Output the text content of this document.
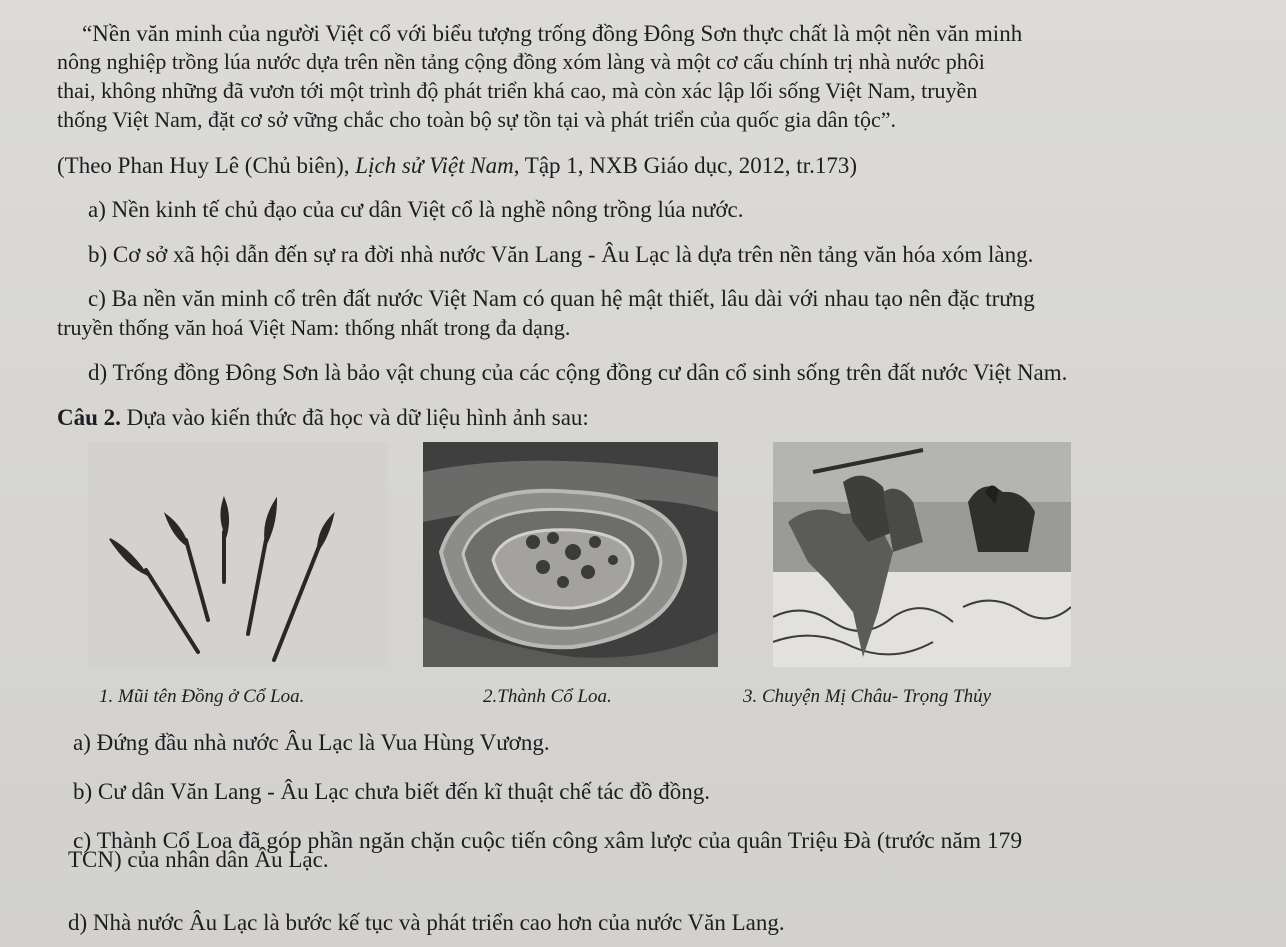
“Nền văn minh của người Việt cổ với biểu tượng trống đồng Đông Sơn thực chất là một nền văn minh
nông nghiệp trồng lúa nước dựa trên nền tảng cộng đồng xóm làng và một cơ cấu chính trị nhà nước phôi
thai, không những đã vươn tới một trình độ phát triển khá cao, mà còn xác lập lối sống Việt Nam, truyền
thống Việt Nam, đặt cơ sở vững chắc cho toàn bộ sự tồn tại và phát triển của quốc gia dân tộc”.
(Theo Phan Huy Lê (Chủ biên), Lịch sử Việt Nam, Tập 1, NXB Giáo dục, 2012, tr.173)
a) Nền kinh tế chủ đạo của cư dân Việt cổ là nghề nông trồng lúa nước.
b) Cơ sở xã hội dẫn đến sự ra đời nhà nước Văn Lang - Âu Lạc là dựa trên nền tảng văn hóa xóm làng.
c) Ba nền văn minh cổ trên đất nước Việt Nam có quan hệ mật thiết, lâu dài với nhau tạo nên đặc trưng
truyền thống văn hoá Việt Nam: thống nhất trong đa dạng.
d) Trống đồng Đông Sơn là bảo vật chung của các cộng đồng cư dân cổ sinh sống trên đất nước Việt Nam.
Câu 2. Dựa vào kiến thức đã học và dữ liệu hình ảnh sau:
1. Mũi tên Đồng ở Cổ Loa.	2.Thành Cổ Loa.	3. Chuyện Mị Châu- Trọng Thủy
a) Đứng đầu nhà nước Âu Lạc là Vua Hùng Vương.
b) Cư dân Văn Lang - Âu Lạc chưa biết đến kĩ thuật chế tác đồ đồng.
c) Thành Cổ Loa đã góp phần ngăn chặn cuộc tiến công xâm lược của quân Triệu Đà (trước năm 179
TCN) của nhân dân Âu Lạc.
d) Nhà nước Âu Lạc là bước kế tục và phát triển cao hơn của nước Văn Lang.
